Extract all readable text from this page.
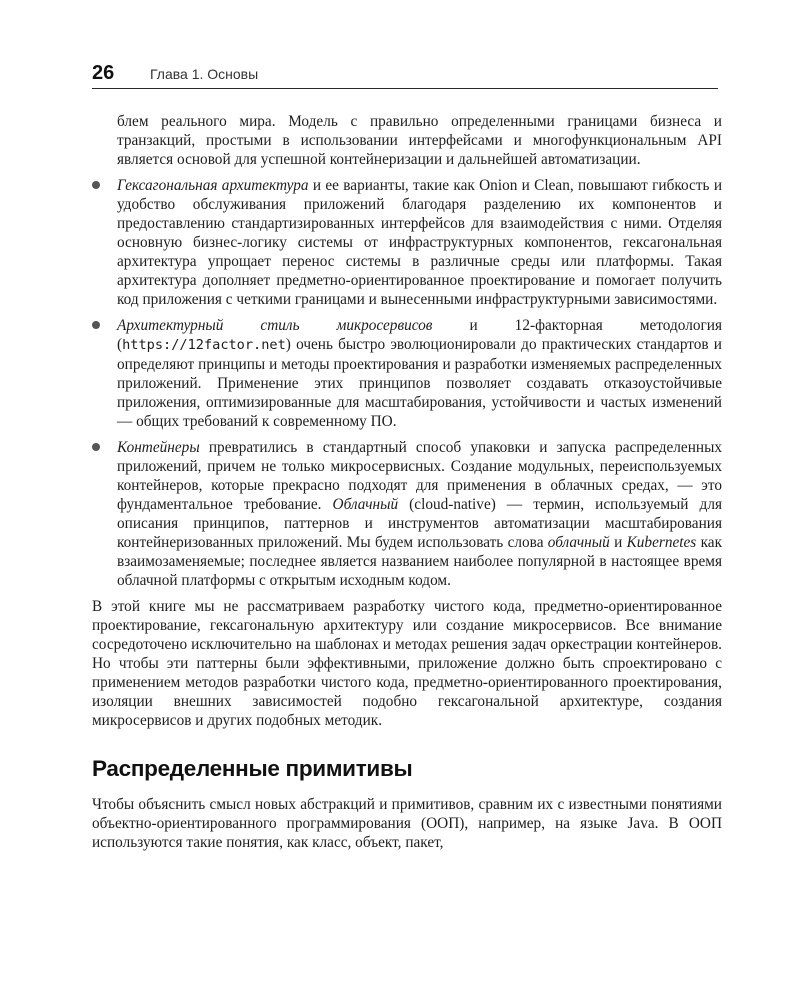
26	Глава 1. Основы

блем реального мира. Модель с правильно определенными границами бизнеса и транзакций, простыми в использовании интерфейсами и многофункциональным API является основой для успешной контейнеризации и дальнейшей автоматизации.

Гексагональная архитектура и ее варианты, такие как Onion и Clean, повышают гибкость и удобство обслуживания приложений благодаря разделению их компонентов и предоставлению стандартизированных интерфейсов для взаимодействия с ними. Отделяя основную бизнес-логику системы от инфраструктурных компонентов, гексагональная архитектура упрощает перенос системы в различные среды или платформы. Такая архитектура дополняет предметно-ориентированное проектирование и помогает получить код приложения с четкими границами и вынесенными инфраструктурными зависимостями.

Архитектурный стиль микросервисов и 12-факторная методология (https://12factor.net) очень быстро эволюционировали до практических стандартов и определяют принципы и методы проектирования и разработки изменяемых распределенных приложений. Применение этих принципов позволяет создавать отказоустойчивые приложения, оптимизированные для масштабирования, устойчивости и частых изменений — общих требований к современному ПО.

Контейнеры превратились в стандартный способ упаковки и запуска распределенных приложений, причем не только микросервисных. Создание модульных, переиспользуемых контейнеров, которые прекрасно подходят для применения в облачных средах, — это фундаментальное требование. Облачный (cloud-native) — термин, используемый для описания принципов, паттернов и инструментов автоматизации масштабирования контейнеризованных приложений. Мы будем использовать слова облачный и Kubernetes как взаимозаменяемые; последнее является названием наиболее популярной в настоящее время облачной платформы с открытым исходным кодом.

В этой книге мы не рассматриваем разработку чистого кода, предметно-ориентированное проектирование, гексагональную архитектуру или создание микросервисов. Все внимание сосредоточено исключительно на шаблонах и методах решения задач оркестрации контейнеров. Но чтобы эти паттерны были эффективными, приложение должно быть спроектировано с применением методов разработки чистого кода, предметно-ориентированного проектирования, изоляции внешних зависимостей подобно гексагональной архитектуре, создания микросервисов и других подобных методик.

Распределенные примитивы

Чтобы объяснить смысл новых абстракций и примитивов, сравним их с известными понятиями объектно-ориентированного программирования (ООП), например, на языке Java. В ООП используются такие понятия, как класс, объект, пакет,
